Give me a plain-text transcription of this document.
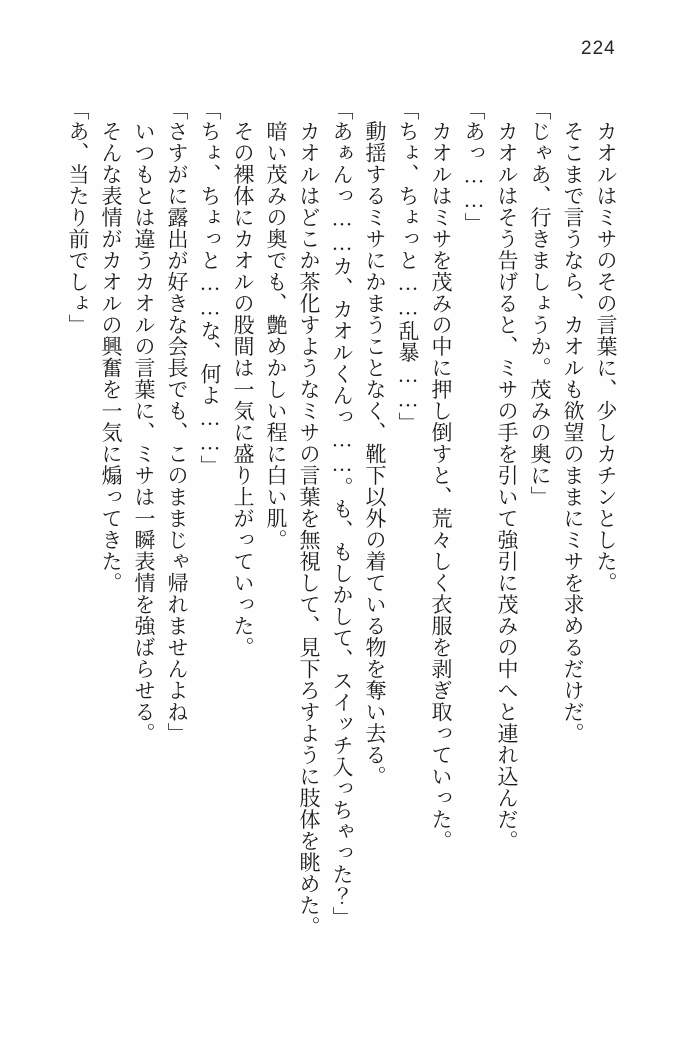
224

　カオルはミサのその言葉に、少しカチンとした。

　そこまで言うなら、カオルも欲望のままにミサを求めるだけだ。

「じゃあ、行きましょうか。茂みの奥に」

　カオルはそう告げると、ミサの手を引いて強引に茂みの中へと連れ込んだ。

「あっ……」

　カオルはミサを茂みの中に押し倒すと、荒々しく衣服を剥ぎ取っていった。

「ちょ、ちょっと……乱暴……」

　動揺するミサにかまうことなく、靴下以外の着ている物を奪い去る。

「あぁんっ……カ、カオルくんっ……。も、もしかして、スイッチ入っちゃった？」

　カオルはどこか茶化すようなミサの言葉を無視して、見下ろすように肢体を眺めた。

　暗い茂みの奥でも、艶めかしい程に白い肌。

　その裸体にカオルの股間は一気に盛り上がっていった。

「ちょ、ちょっと……な、何よ……」

「さすがに露出が好きな会長でも、このままじゃ帰れませんよね」

　いつもとは違うカオルの言葉に、ミサは一瞬表情を強ばらせる。

　そんな表情がカオルの興奮を一気に煽ってきた。

「あ、当たり前でしょ」
